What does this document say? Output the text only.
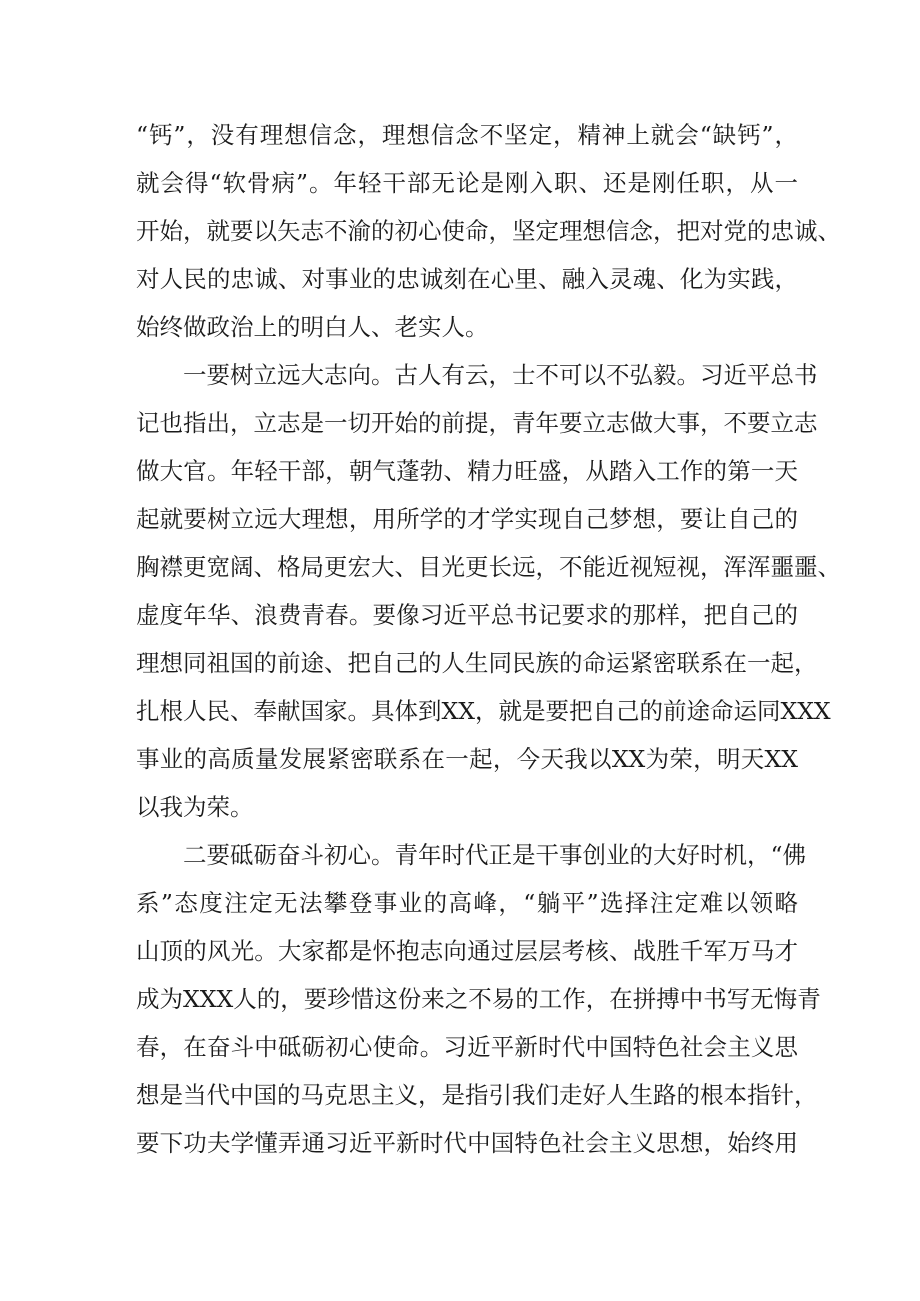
“钙”，没有理想信念，理想信念不坚定，精神上就会“缺钙”，
就会得“软骨病”。年轻干部无论是刚入职、还是刚任职，从一
开始，就要以矢志不渝的初心使命，坚定理想信念，把对党的忠诚、
对人民的忠诚、对事业的忠诚刻在心里、融入灵魂、化为实践，
始终做政治上的明白人、老实人。
一要树立远大志向。古人有云，士不可以不弘毅。习近平总书
记也指出，立志是一切开始的前提，青年要立志做大事，不要立志
做大官。年轻干部，朝气蓬勃、精力旺盛，从踏入工作的第一天
起就要树立远大理想，用所学的才学实现自己梦想，要让自己的
胸襟更宽阔、格局更宏大、目光更长远，不能近视短视，浑浑噩噩、
虚度年华、浪费青春。要像习近平总书记要求的那样，把自己的
理想同祖国的前途、把自己的人生同民族的命运紧密联系在一起，
扎根人民、奉献国家。具体到XX，就是要把自己的前途命运同XXX
事业的高质量发展紧密联系在一起，今天我以XX为荣，明天XX
以我为荣。
二要砥砺奋斗初心。青年时代正是干事创业的大好时机，“佛
系”态度注定无法攀登事业的高峰，“躺平”选择注定难以领略
山顶的风光。大家都是怀抱志向通过层层考核、战胜千军万马才
成为XXX人的，要珍惜这份来之不易的工作，在拼搏中书写无悔青
春，在奋斗中砥砺初心使命。习近平新时代中国特色社会主义思
想是当代中国的马克思主义，是指引我们走好人生路的根本指针，
要下功夫学懂弄通习近平新时代中国特色社会主义思想，始终用
